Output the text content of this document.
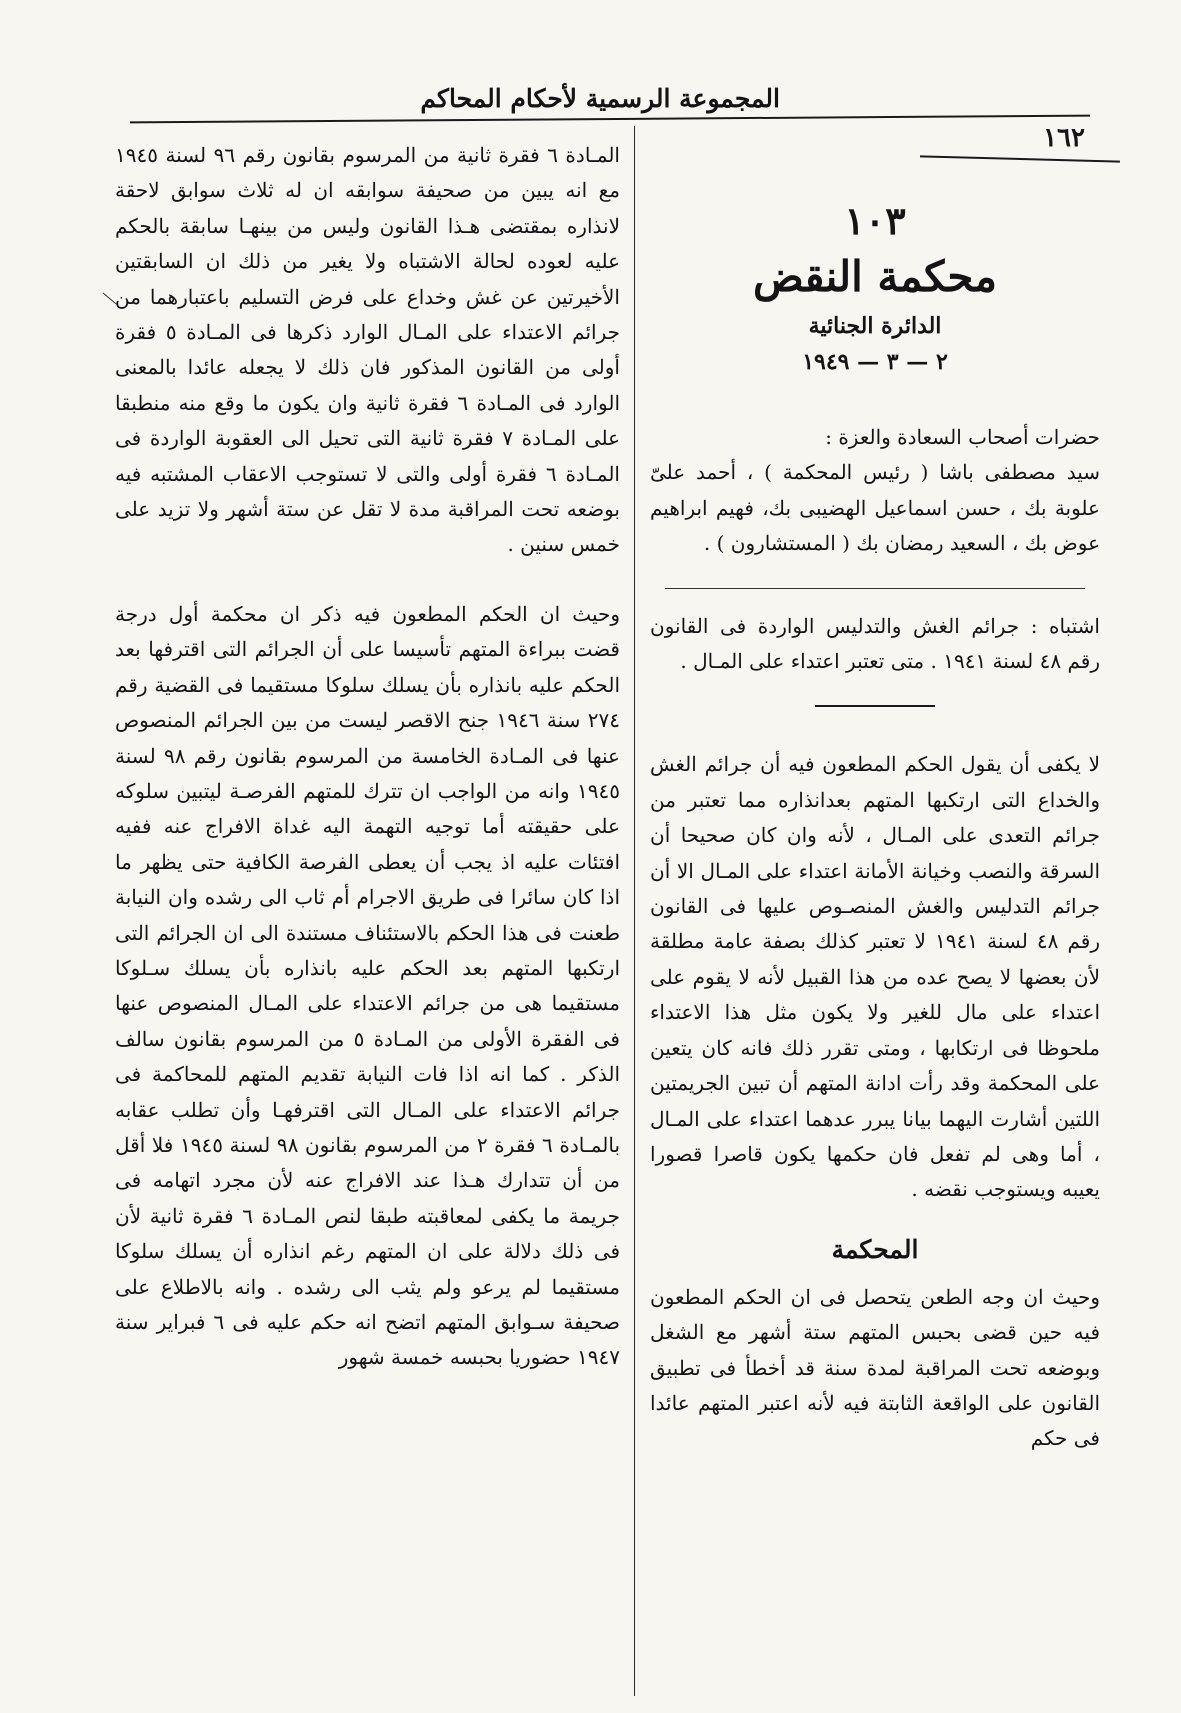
المجموعة الرسمية لأحكام المحاكم
١٦٢
١٠٣
محكمة النقض
الدائرة الجنائية
٢ — ٣ — ١٩٤٩

حضرات أصحاب السعادة والعزة :

سيد مصطفى باشا ( رئيس المحكمة ) ، أحمد علىّ علوبة بك ، حسن اسماعيل الهضيبى بك، فهيم ابراهيم عوض بك ، السعيد رمضان بك ( المستشارون ) .

اشتباه : جرائم الغش والتدليس الواردة فى القانون رقم ٤٨ لسنة ١٩٤١ . متى تعتبر اعتداء على المـال .

لا يكفى أن يقول الحكم المطعون فيه أن جرائم الغش والخداع التى ارتكبها المتهم بعدانذاره مما تعتبر من جرائم التعدى على المـال ، لأنه وان كان صحيحا أن السرقة والنصب وخيانة الأمانة اعتداء على المـال الا أن جرائم التدليس والغش المنصـوص عليها فى القانون رقم ٤٨ لسنة ١٩٤١ لا تعتبر كذلك بصفة عامة مطلقة لأن بعضها لا يصح عده من هذا القبيل لأنه لا يقوم على اعتداء على مال للغير ولا يكون مثل هذا الاعتداء ملحوظا فى ارتكابها ، ومتى تقرر ذلك فانه كان يتعين على المحكمة وقد رأت ادانة المتهم أن تبين الجريمتين اللتين أشارت اليهما بيانا يبرر عدهما اعتداء على المـال ، أما وهى لم تفعل فان حكمها يكون قاصرا قصورا يعيبه ويستوجب نقضه .

المحكمة

وحيث ان وجه الطعن يتحصل فى ان الحكم المطعون فيه حين قضى بحبس المتهم ستة أشهر مع الشغل وبوضعه تحت المراقبة لمدة سنة قد أخطأ فى تطبيق القانون على الواقعة الثابتة فيه لأنه اعتبر المتهم عائدا فى حكم

المـادة ٦ فقرة ثانية من المرسوم بقانون رقم ٩٦ لسنة ١٩٤٥ مع انه يبين من صحيفة سوابقه ان له ثلاث سوابق لاحقة لانذاره بمقتضى هـذا القانون وليس من بينهـا سابقة بالحكم عليه لعوده لحالة الاشتباه ولا يغير من ذلك ان السابقتين الأخيرتين عن غش وخداع على فرض التسليم باعتبارهما من جرائم الاعتداء على المـال الوارد ذكرها فى المـادة ٥ فقرة أولى من القانون المذكور فان ذلك لا يجعله عائدا بالمعنى الوارد فى المـادة ٦ فقرة ثانية وان يكون ما وقع منه منطبقا على المـادة ٧ فقرة ثانية التى تحيل الى العقوبة الواردة فى المـادة ٦ فقرة أولى والتى لا تستوجب الاعقاب المشتبه فيه بوضعه تحت المراقبة مدة لا تقل عن ستة أشهر ولا تزيد على خمس سنين .

وحيث ان الحكم المطعون فيه ذكر ان محكمة أول درجة قضت ببراءة المتهم تأسيسا على أن الجرائم التى اقترفها بعد الحكم عليه بانذاره بأن يسلك سلوكا مستقيما فى القضية رقم ٢٧٤ سنة ١٩٤٦ جنح الاقصر ليست من بين الجرائم المنصوص عنها فى المـادة الخامسة من المرسوم بقانون رقم ٩٨ لسنة ١٩٤٥ وانه من الواجب ان تترك للمتهم الفرصـة ليتبين سلوكه على حقيقته أما توجيه التهمة اليه غداة الافراج عنه ففيه افتئات عليه اذ يجب أن يعطى الفرصة الكافية حتى يظهر ما اذا كان سائرا فى طريق الاجرام أم ثاب الى رشده وان النيابة طعنت فى هذا الحكم بالاستئناف مستندة الى ان الجرائم التى ارتكبها المتهم بعد الحكم عليه بانذاره بأن يسلك سـلوكا مستقيما هى من جرائم الاعتداء على المـال المنصوص عنها فى الفقرة الأولى من المـادة ٥ من المرسوم بقانون سالف الذكر . كما انه اذا فات النيابة تقديم المتهم للمحاكمة فى جرائم الاعتداء على المـال التى اقترفهـا وأن تطلب عقابه بالمـادة ٦ فقرة ٢ من المرسوم بقانون ٩٨ لسنة ١٩٤٥ فلا أقل من أن تتدارك هـذا عند الافراج عنه لأن مجرد اتهامه فى جريمة ما يكفى لمعاقبته طبقا لنص المـادة ٦ فقرة ثانية لأن فى ذلك دلالة على ان المتهم رغم انذاره أن يسلك سلوكا مستقيما لم يرعو ولم يثب الى رشده . وانه بالاطلاع على صحيفة سـوابق المتهم اتضح انه حكم عليه فى ٦ فبراير سنة ١٩٤٧ حضوريا بحبسه خمسة شهور
